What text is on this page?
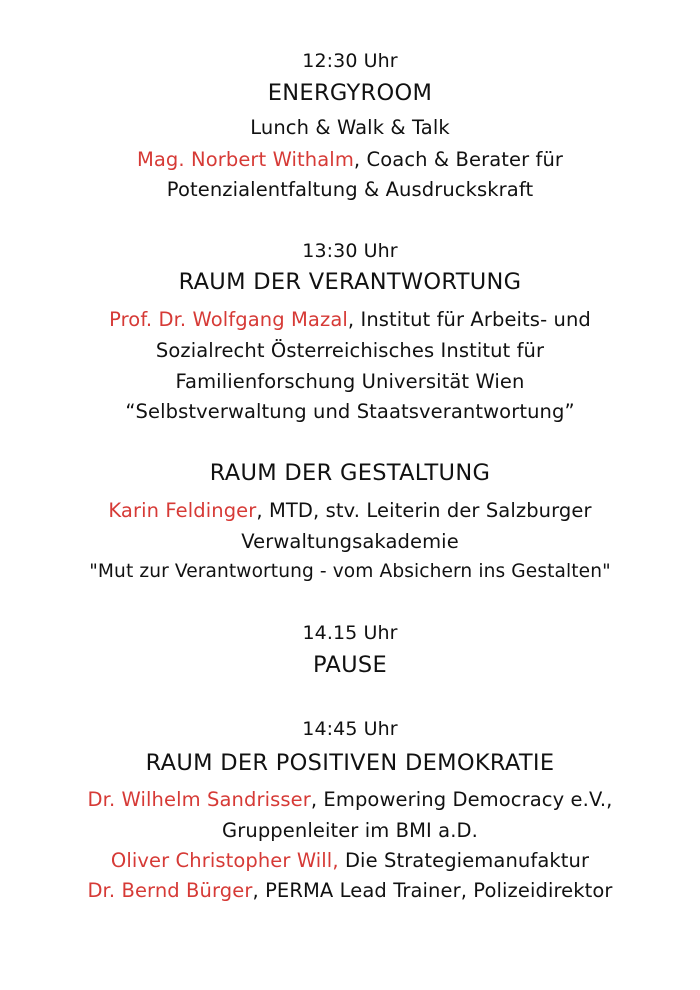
12:30 Uhr
ENERGYROOM
Lunch & Walk & Talk
Mag. Norbert Withalm, Coach & Berater für
Potenzialentfaltung & Ausdruckskraft
13:30 Uhr
RAUM DER VERANTWORTUNG
Prof. Dr. Wolfgang Mazal, Institut für Arbeits- und
Sozialrecht Österreichisches Institut für
Familienforschung Universität Wien
“Selbstverwaltung und Staatsverantwortung”
RAUM DER GESTALTUNG
Karin Feldinger, MTD, stv. Leiterin der Salzburger
Verwaltungsakademie
"Mut zur Verantwortung - vom Absichern ins Gestalten"
14.15 Uhr
PAUSE
14:45 Uhr
RAUM DER POSITIVEN DEMOKRATIE
Dr. Wilhelm Sandrisser, Empowering Democracy e.V.,
Gruppenleiter im BMI a.D.
Oliver Christopher Will, Die Strategiemanufaktur
Dr. Bernd Bürger, PERMA Lead Trainer, Polizeidirektor
